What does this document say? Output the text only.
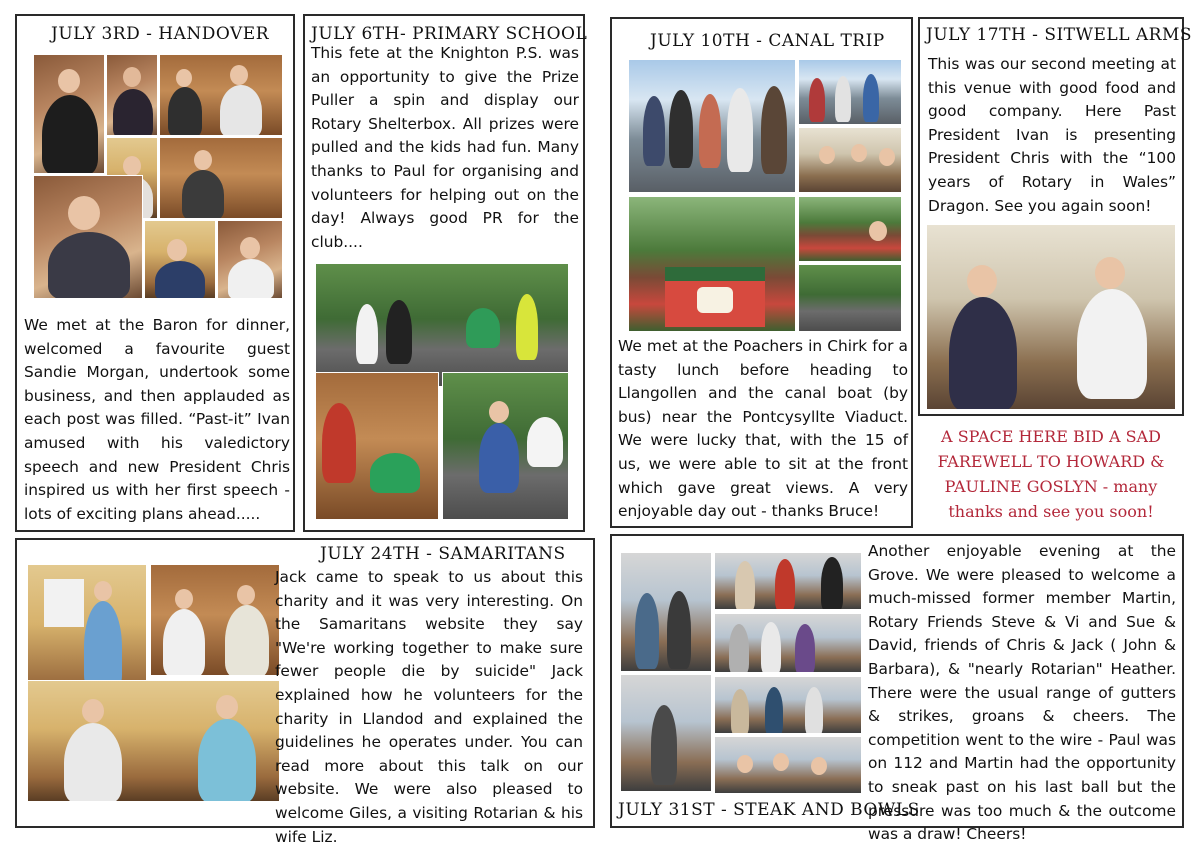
JULY 3RD - HANDOVER
We met at the Baron for dinner, welcomed a favourite guest Sandie Morgan, undertook some business, and then applauded as each post was filled. “Past-it” Ivan amused with his valedictory speech and new President Chris inspired us with her first speech - lots of exciting plans ahead.....
JULY 6TH- PRIMARY SCHOOL
This fete at the Knighton P.S. was an opportunity to give the Prize Puller a spin and display our Rotary Shelterbox. All prizes were pulled and the kids had fun. Many thanks to Paul for organising and volunteers for helping out on the day! Always good PR for the club....
JULY 10TH - CANAL TRIP
We met at the Poachers in Chirk for a tasty lunch before heading to Llangollen and the canal boat (by bus) near the Pontcysyllte Viaduct. We were lucky that, with the 15 of us, we were able to sit at the front which gave great views. A very enjoyable day out - thanks Bruce!
JULY 17TH - SITWELL ARMS
This was our second meeting at this venue with good food and good company. Here Past President Ivan is presenting President Chris with the “100 years of Rotary in Wales” Dragon. See you again soon!
A SPACE HERE BID A SAD FAREWELL TO HOWARD & PAULINE GOSLYN - many thanks and see you soon!
JULY 24TH - SAMARITANS
Jack came to speak to us about this charity and it was very interesting. On the Samaritans website they say "We're working together to make sure fewer people die by suicide" Jack explained how he volunteers for the charity in Llandod and explained the guidelines he operates under. You can read more about this talk on our website. We were also pleased to welcome Giles, a visiting Rotarian & his wife Liz.
JULY 31ST - STEAK AND BOWLS
Another enjoyable evening at the Grove. We were pleased to welcome a much-missed former member Martin, Rotary Friends Steve & Vi and Sue & David, friends of Chris & Jack ( John & Barbara), & "nearly Rotarian" Heather. There were the usual range of gutters & strikes, groans & cheers. The competition went to the wire - Paul was on 112 and Martin had the opportunity to sneak past on his last ball but the pressure was too much & the outcome was a draw! Cheers!
